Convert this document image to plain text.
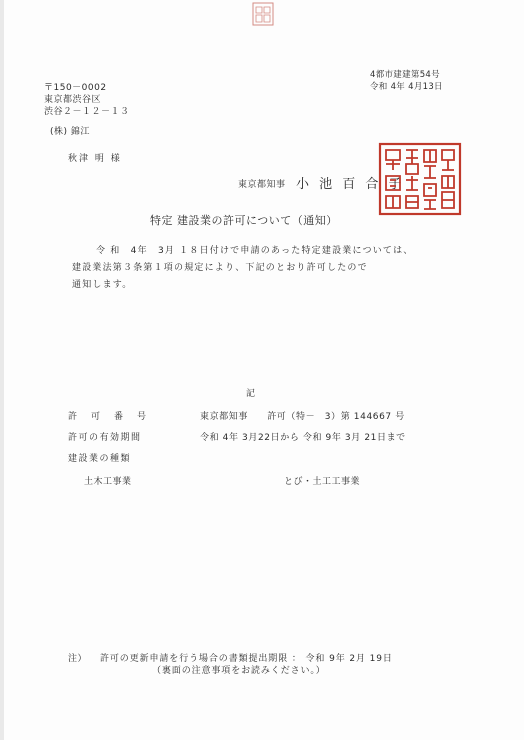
4都市建建第54号
令和 4年 4月13日
〒150－0002
東京都渋谷区
渋谷２－１２－１３
(株) 錦江
秋津 明 様
東京都知事 小 池 百 合 子
特定 建設業の許可について（通知）
令 和　4年　3月 １８日付けで申請のあった特定建設業については、
建設業法第３条第１項の規定により、下記のとおり許可したので
通知します。
記
許　可　番　号	東京都知事　　許可（特－　3）第 144667 号
許可の有効期間	令和 4年 3月22日から 令和 9年 3月 21日まで
建設業の種類
土木工事業	とび・土工工事業
注） 許可の更新申請を行う場合の書類提出期限 ： 令和 9年 2月 19日
（裏面の注意事項をお読みください。）
